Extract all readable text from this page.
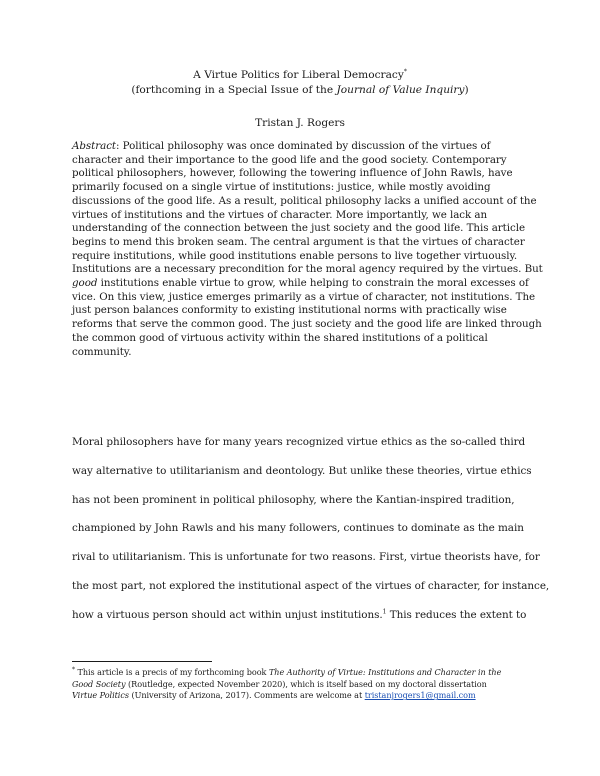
A Virtue Politics for Liberal Democracy*
(forthcoming in a Special Issue of the Journal of Value Inquiry)
Tristan J. Rogers
Abstract: Political philosophy was once dominated by discussion of the virtues of
character and their importance to the good life and the good society. Contemporary
political philosophers, however, following the towering influence of John Rawls, have
primarily focused on a single virtue of institutions: justice, while mostly avoiding
discussions of the good life. As a result, political philosophy lacks a unified account of the
virtues of institutions and the virtues of character. More importantly, we lack an
understanding of the connection between the just society and the good life. This article
begins to mend this broken seam. The central argument is that the virtues of character
require institutions, while good institutions enable persons to live together virtuously.
Institutions are a necessary precondition for the moral agency required by the virtues. But
good institutions enable virtue to grow, while helping to constrain the moral excesses of
vice. On this view, justice emerges primarily as a virtue of character, not institutions. The
just person balances conformity to existing institutional norms with practically wise
reforms that serve the common good. The just society and the good life are linked through
the common good of virtuous activity within the shared institutions of a political
community.
Moral philosophers have for many years recognized virtue ethics as the so-called third
way alternative to utilitarianism and deontology. But unlike these theories, virtue ethics
has not been prominent in political philosophy, where the Kantian-inspired tradition,
championed by John Rawls and his many followers, continues to dominate as the main
rival to utilitarianism. This is unfortunate for two reasons. First, virtue theorists have, for
the most part, not explored the institutional aspect of the virtues of character, for instance,
how a virtuous person should act within unjust institutions.$^1$ This reduces the extent to
* This article is a precis of my forthcoming book The Authority of Virtue: Institutions and Character in the
Good Society (Routledge, expected November 2020), which is itself based on my doctoral dissertation
Virtue Politics (University of Arizona, 2017). Comments are welcome at tristanjrogers1@gmail.com
